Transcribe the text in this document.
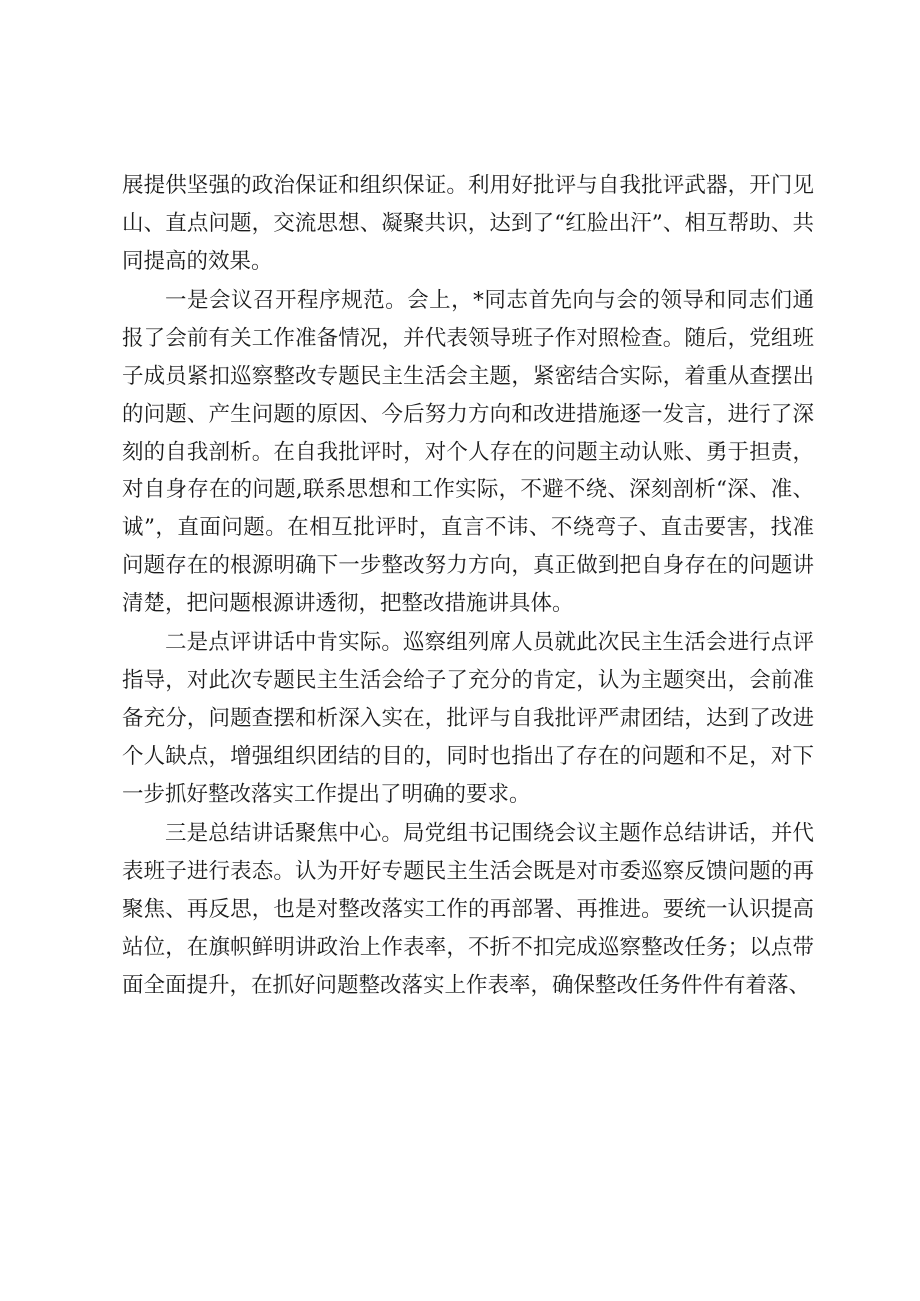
展提供坚强的政治保证和组织保证。利用好批评与自我批评武器，开门见山、直点问题，交流思想、凝聚共识，达到了“红脸出汗”、相互帮助、共同提高的效果。

一是会议召开程序规范。会上，*同志首先向与会的领导和同志们通报了会前有关工作准备情况，并代表领导班子作对照检查。随后，党组班子成员紧扣巡察整改专题民主生活会主题，紧密结合实际，着重从查摆出的问题、产生问题的原因、今后努力方向和改进措施逐一发言，进行了深刻的自我剖析。在自我批评时，对个人存在的问题主动认账、勇于担责，对自身存在的问题,联系思想和工作实际，不避不绕、深刻剖析“深、准、诚”，直面问题。在相互批评时，直言不讳、不绕弯子、直击要害，找准问题存在的根源明确下一步整改努力方向，真正做到把自身存在的问题讲清楚，把问题根源讲透彻，把整改措施讲具体。

二是点评讲话中肯实际。巡察组列席人员就此次民主生活会进行点评指导，对此次专题民主生活会给子了充分的肯定，认为主题突出，会前准备充分，问题查摆和析深入实在，批评与自我批评严肃团结，达到了改进个人缺点，增强组织团结的目的，同时也指出了存在的问题和不足，对下一步抓好整改落实工作提出了明确的要求。

三是总结讲话聚焦中心。局党组书记围绕会议主题作总结讲话，并代表班子进行表态。认为开好专题民主生活会既是对市委巡察反馈问题的再聚焦、再反思，也是对整改落实工作的再部署、再推进。要统一认识提高站位，在旗帜鲜明讲政治上作表率，不折不扣完成巡察整改任务；以点带面全面提升，在抓好问题整改落实上作表率，确保整改任务件件有着落、
